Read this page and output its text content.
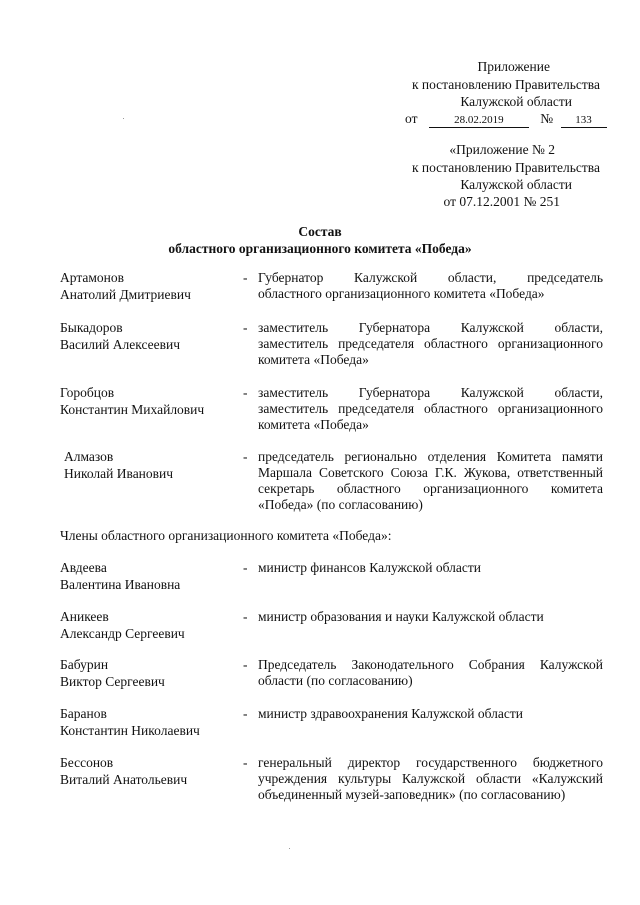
Приложение
к постановлению Правительства
Калужской области
от	28.02.2019	№ 133
«Приложение № 2
к постановлению Правительства
Калужской области
от 07.12.2001 № 251
Состав
областного организационного комитета «Победа»
Артамонов
Анатолий Дмитриевич
- Губернатор Калужской области, председатель
областного организационного комитета «Победа»
Быкадоров
Василий Алексеевич
- заместитель Губернатора Калужской области,
заместитель председателя областного организационного
комитета «Победа»
Горобцов
Константин Михайлович
- заместитель Губернатора Калужской области,
заместитель председателя областного организационного
комитета «Победа»
Алмазов
Николай Иванович
- председатель регионально отделения Комитета памяти
Маршала Советского Союза Г.К. Жукова, ответственный
секретарь областного организационного комитета
«Победа» (по согласованию)
Члены областного организационного комитета «Победа»:
Авдеева
Валентина Ивановна
- министр финансов Калужской области
Аникеев
Александр Сергеевич
- министр образования и науки Калужской области
Бабурин
Виктор Сергеевич
- Председатель Законодательного Собрания Калужской
области (по согласованию)
Баранов
Константин Николаевич
- министр здравоохранения Калужской области
Бессонов
Виталий Анатольевич
- генеральный директор государственного бюджетного
учреждения культуры Калужской области «Калужский
объединенный музей-заповедник» (по согласованию)
